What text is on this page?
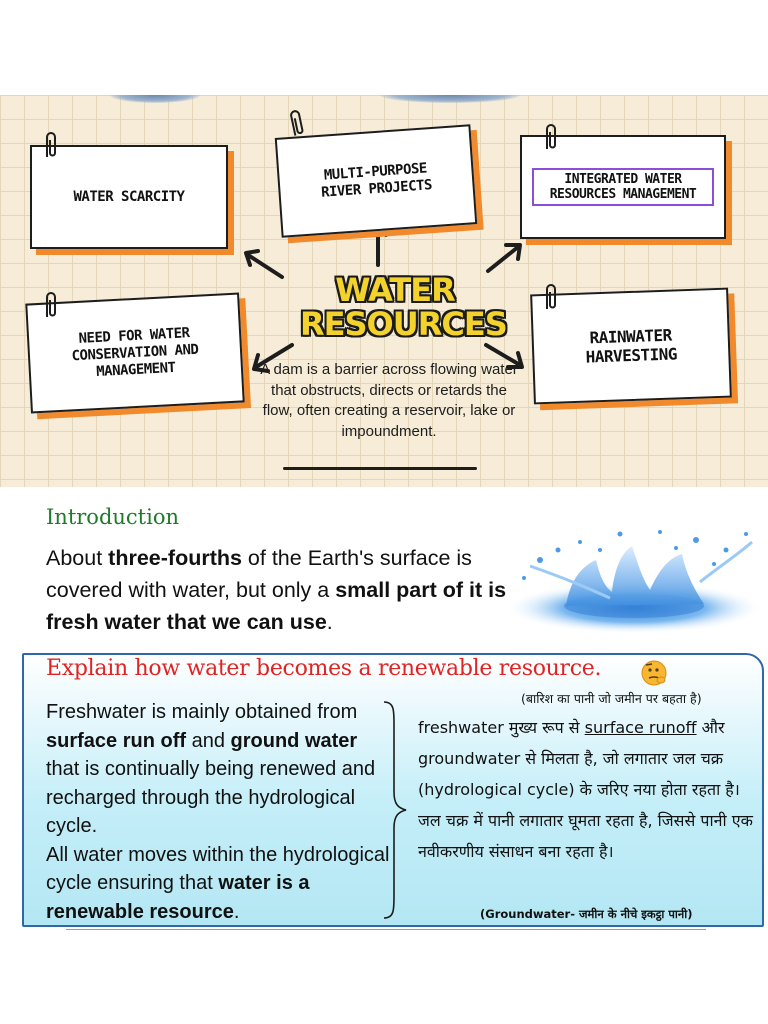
WATER SCARCITY
MULTI-PURPOSE RIVER PROJECTS	INTEGRATED WATER RESOURCES MANAGEMENT
NEED FOR WATER CONSERVATION AND MANAGEMENT
RAINWATER HARVESTING
WATER RESOURCES
A dam is a barrier across flowing water that obstructs, directs or retards the flow, often creating a reservoir, lake or impoundment.
Introduction
About three-fourths of the Earth's surface is covered with water, but only a small part of it is fresh water that we can use.
Explain how water becomes a renewable resource.
(बारिश का पानी जो जमीन पर बहता है)
Freshwater is mainly obtained from surface run off and ground water that is continually being renewed and recharged through the hydrological cycle.
All water moves within the hydrological cycle ensuring that water is a renewable resource.
freshwater मुख्य रूप से surface runoff और groundwater से मिलता है, जो लगातार जल चक्र (hydrological cycle) के जरिए नया होता रहता है। जल चक्र में पानी लगातार घूमता रहता है, जिससे पानी एक नवीकरणीय संसाधन बना रहता है।
(Groundwater- जमीन के नीचे इकट्ठा पानी)
